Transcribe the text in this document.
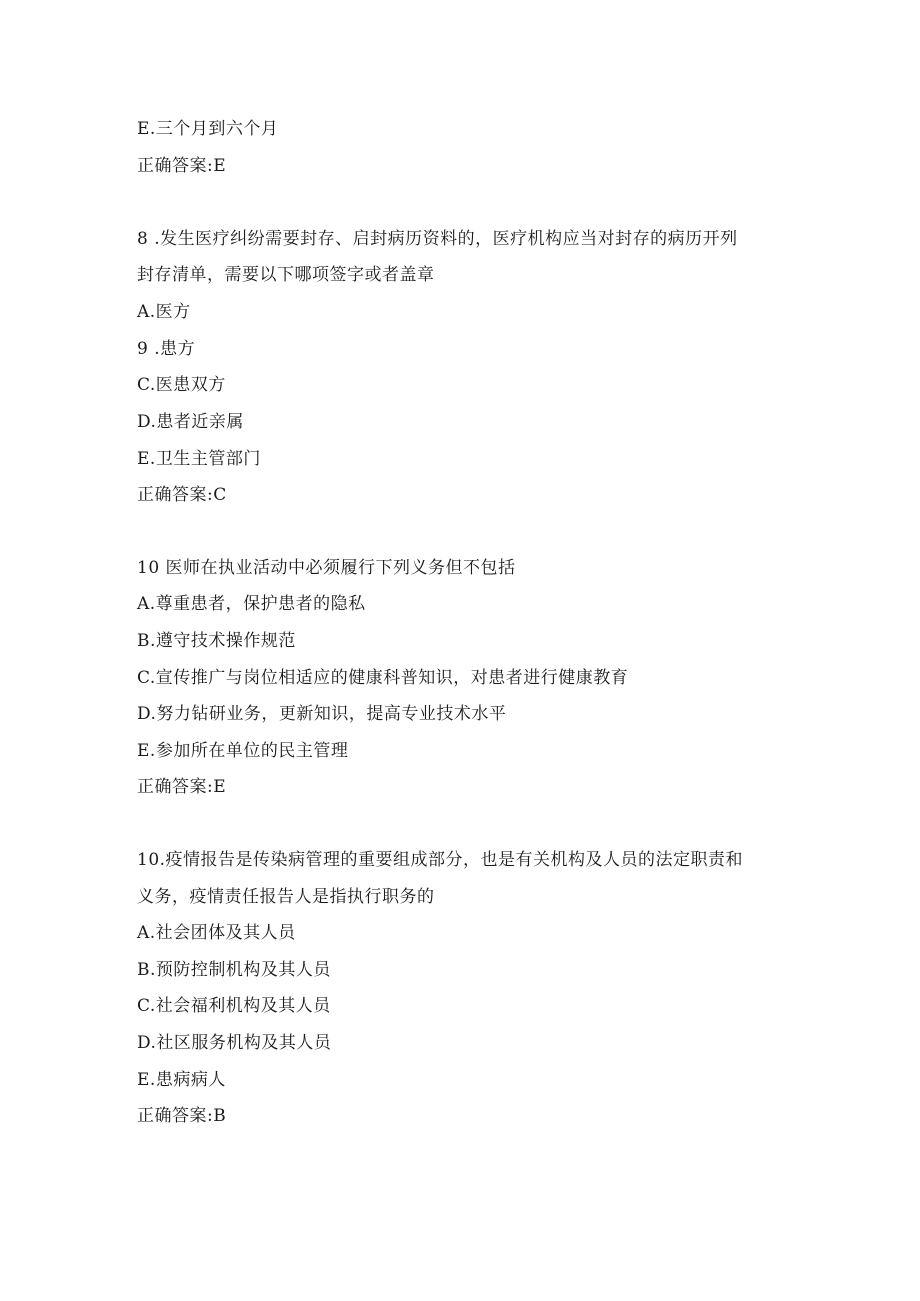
E.三个月到六个月
正确答案:E
8 .发生医疗纠纷需要封存、启封病历资料的，医疗机构应当对封存的病历开列
封存清单，需要以下哪项签字或者盖章
A.医方
9 .患方
C.医患双方
D.患者近亲属
E.卫生主管部门
正确答案:C
10 医师在执业活动中必须履行下列义务但不包括
A.尊重患者，保护患者的隐私
B.遵守技术操作规范
C.宣传推广与岗位相适应的健康科普知识，对患者进行健康教育
D.努力钻研业务，更新知识，提高专业技术水平
E.参加所在单位的民主管理
正确答案:E
10.疫情报告是传染病管理的重要组成部分，也是有关机构及人员的法定职责和
义务，疫情责任报告人是指执行职务的
A.社会团体及其人员
B.预防控制机构及其人员
C.社会福利机构及其人员
D.社区服务机构及其人员
E.患病病人
正确答案:B
